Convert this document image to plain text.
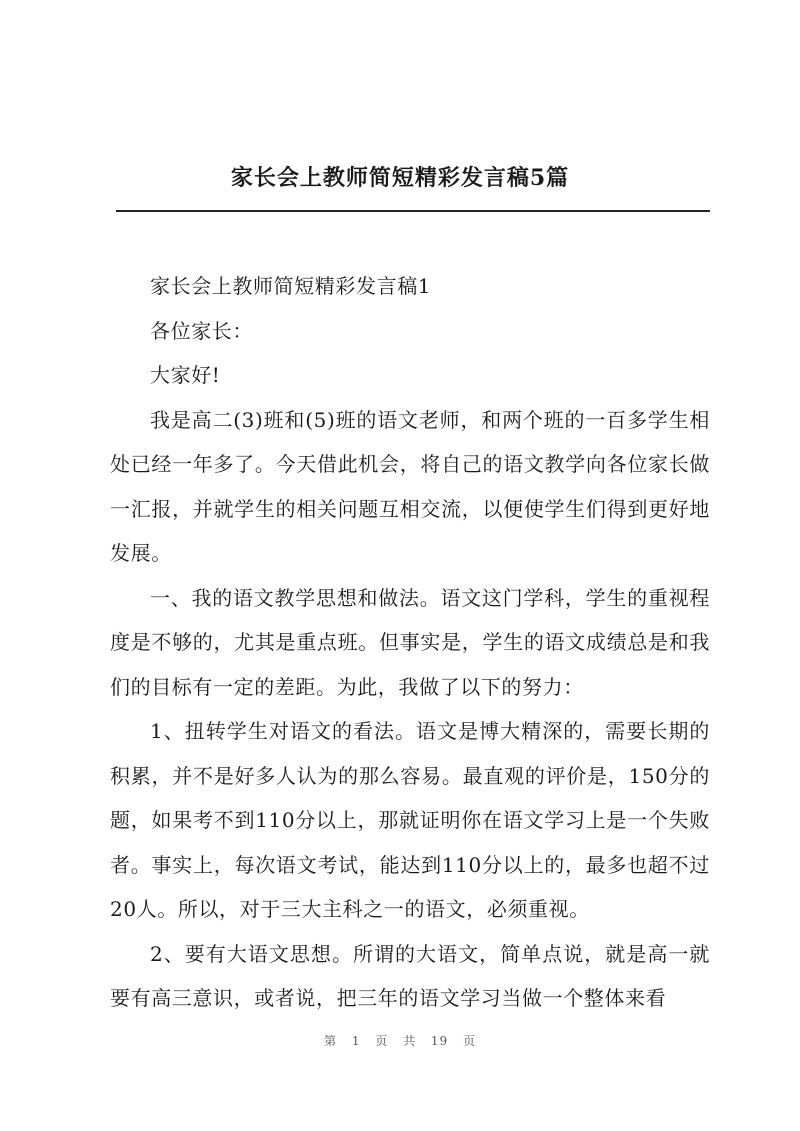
家长会上教师简短精彩发言稿5篇

家长会上教师简短精彩发言稿1

各位家长：

大家好!

我是高二(3)班和(5)班的语文老师，和两个班的一百多学生相处已经一年多了。今天借此机会，将自己的语文教学向各位家长做一汇报，并就学生的相关问题互相交流，以便使学生们得到更好地发展。

一、我的语文教学思想和做法。语文这门学科，学生的重视程度是不够的，尤其是重点班。但事实是，学生的语文成绩总是和我们的目标有一定的差距。为此，我做了以下的努力：

1、扭转学生对语文的看法。语文是博大精深的，需要长期的积累，并不是好多人认为的那么容易。最直观的评价是，150分的题，如果考不到110分以上，那就证明你在语文学习上是一个失败者。事实上，每次语文考试，能达到110分以上的，最多也超不过20人。所以，对于三大主科之一的语文，必须重视。

2、要有大语文思想。所谓的大语文，简单点说，就是高一就要有高三意识，或者说，把三年的语文学习当做一个整体来看

第 1 页 共 19 页
